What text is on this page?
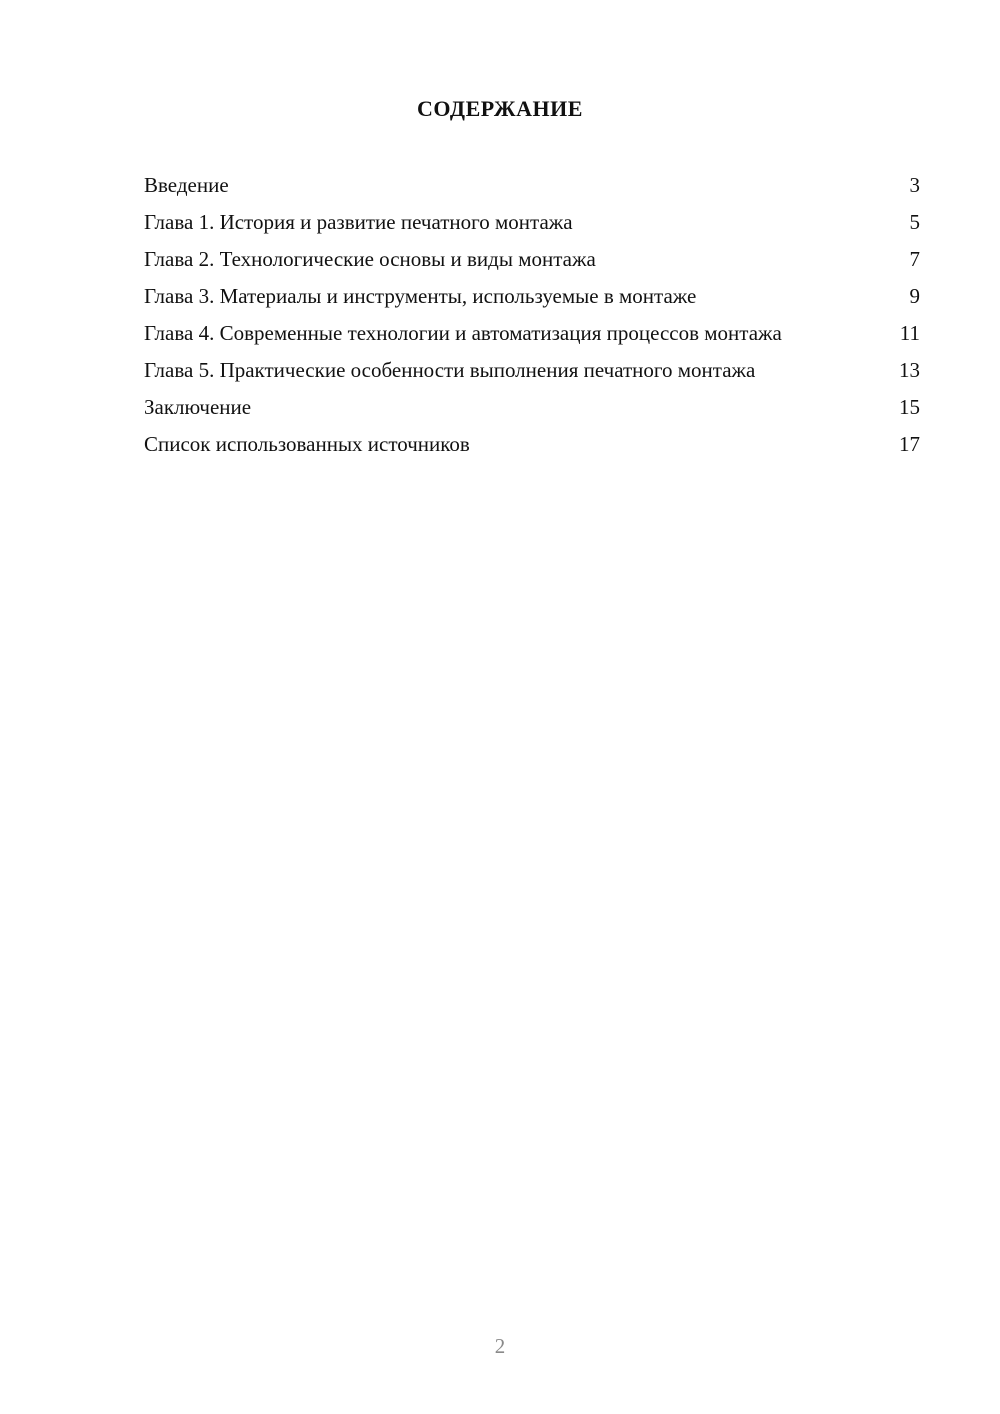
СОДЕРЖАНИЕ
Введение	3
Глава 1. История и развитие печатного монтажа	5
Глава 2. Технологические основы и виды монтажа	7
Глава 3. Материалы и инструменты, используемые в монтаже	9
Глава 4. Современные технологии и автоматизация процессов монтажа	11
Глава 5. Практические особенности выполнения печатного монтажа	13
Заключение	15
Список использованных источников	17
2
